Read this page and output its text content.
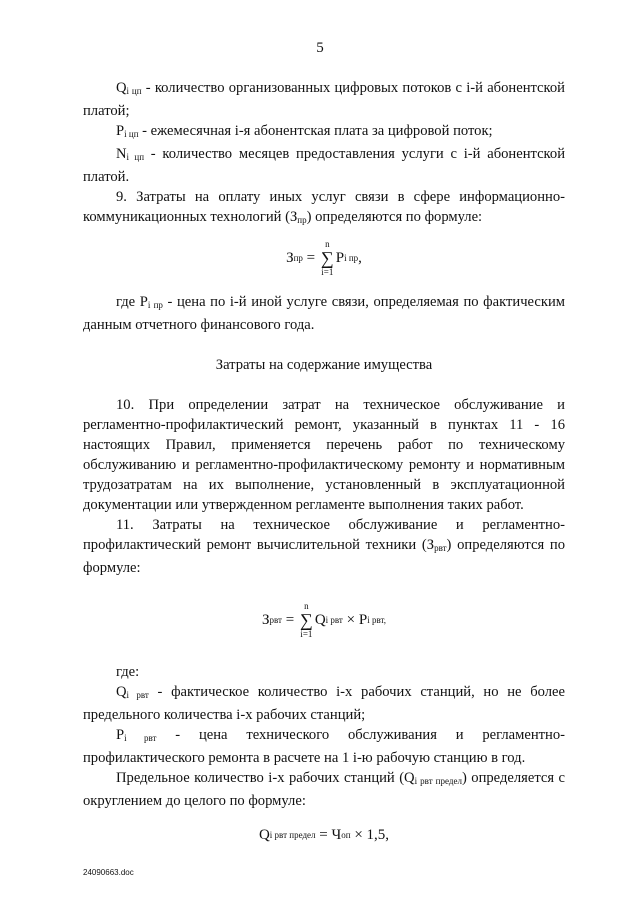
5

$Q_{i цп}$ - количество организованных цифровых потоков с i-й абонентской платой;

$P_{i цп}$ - ежемесячная i-я абонентская плата за цифровой поток;

$N_{i цп}$ - количество месяцев предоставления услуги с i-й абонентской платой.

9. Затраты на оплату иных услуг связи в сфере информационно-коммуникационных технологий $(З_{пр})$ определяются по формуле:

З пр =
n
∑
i=1
P i пр ,

где $P_{i пр}$ - цена по i-й иной услуге связи, определяемая по фактическим данным отчетного финансового года.

Затраты на содержание имущества

10. При определении затрат на техническое обслуживание и регламентно-профилактический ремонт, указанный в пунктах 11 - 16 настоящих Правил, применяется перечень работ по техническому обслуживанию и регламентно-профилактическому ремонту и нормативным трудозатратам на их выполнение, установленный в эксплуатационной документации или утвержденном регламенте выполнения таких работ.

11. Затраты на техническое обслуживание и регламентно-профилактический ремонт вычислительной техники $(З_{рвт})$ определяются по формуле:

З рвт =
n
∑
i=1
Q i рвт × P i рвт,

где:

$Q_{i рвт}$ - фактическое количество i-х рабочих станций, но не более предельного количества i-х рабочих станций;

$P_{i рвт}$ - цена технического обслуживания и регламентно-профилактического ремонта в расчете на 1 i-ю рабочую станцию в год.

Предельное количество i-х рабочих станций $(Q_{i рвт предел})$ определяется с округлением до целого по формуле:

Q i рвт предел = Ч оп × 1,5,
24090663.doc
